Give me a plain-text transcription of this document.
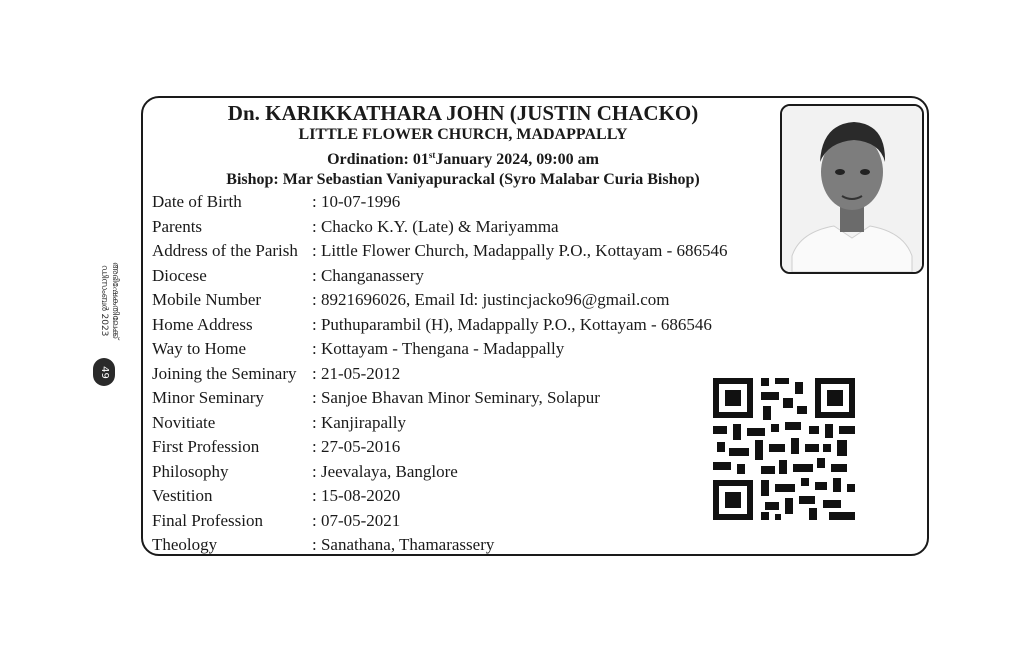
Dn. KARIKKATHARA JOHN (JUSTIN CHACKO)
LITTLE FLOWER CHURCH, MADAPPALLY
Ordination: 01stJanuary 2024, 09:00 am
Bishop: Mar Sebastian Vaniyapurackal (Syro Malabar Curia Bishop)
Date of Birth	: 10-07-1996
Parents	: Chacko K.Y. (Late) & Mariyamma
Address of the Parish : Little Flower Church, Madappally P.O., Kottayam - 686546
Diocese	: Changanassery
Mobile Number	: 8921696026, Email Id: justincjacko96@gmail.com
Home Address	: Puthuparambil (H), Madappally P.O., Kottayam - 686546
Way to Home	: Kottayam - Thengana - Madappally
Joining the Seminary : 21-05-2012
Minor Seminary	: Sanjoe Bhavan Minor Seminary, Solapur
Novitiate	: Kanjirapally
First Profession	: 27-05-2016
Philosophy	: Jeevalaya, Banglore
Vestition	: 15-08-2020
Final Profession	: 07-05-2021
Theology	: Sanathana, Thamarassery
അഭിഷേകതിലേക്ക്
ഡിസംബർ 2023
49
